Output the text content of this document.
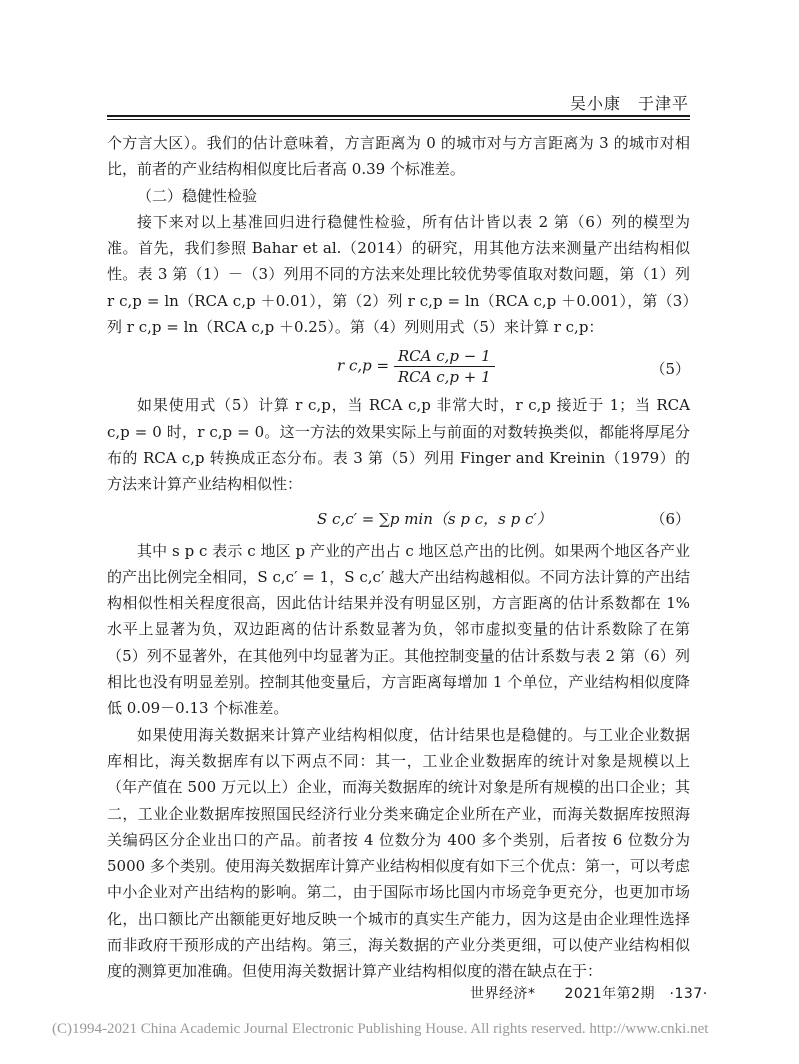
吴小康　于津平

个方言大区）。我们的估计意味着，方言距离为 0 的城市对与方言距离为 3 的城市对相比，前者的产业结构相似度比后者高 0.39 个标准差。

（二）稳健性检验

接下来对以上基准回归进行稳健性检验，所有估计皆以表 2 第（6）列的模型为准。首先，我们参照 Bahar et al.（2014）的研究，用其他方法来测量产出结构相似性。表 3 第（1）－（3）列用不同的方法来处理比较优势零值取对数问题，第（1）列 r c,p = ln（RCA c,p ＋0.01），第（2）列 r c,p = ln（RCA c,p ＋0.001），第（3）列 r c,p = ln（RCA c,p ＋0.25）。第（4）列则用式（5）来计算 r c,p：

r $c,p = \frac{\text{RCA c,p − 1}}{\text{RCA c,p + 1}}$	（5）

如果使用式（5）计算 r c,p，当 RCA c,p 非常大时，r c,p 接近于 1；当 RCA c,p = 0 时，r c,p = 0。这一方法的效果实际上与前面的对数转换类似，都能将厚尾分布的 RCA c,p 转换成正态分布。表 3 第（5）列用 Finger and Kreinin（1979）的方法来计算产业结构相似性：

S c,c′ = ∑p min（s p c，s p c′）	（6）

其中 s p c 表示 c 地区 p 产业的产出占 c 地区总产出的比例。如果两个地区各产业的产出比例完全相同，S c,c′ = 1，S c,c′ 越大产出结构越相似。不同方法计算的产出结构相似性相关程度很高，因此估计结果并没有明显区别，方言距离的估计系数都在 1% 水平上显著为负，双边距离的估计系数显著为负，邻市虚拟变量的估计系数除了在第（5）列不显著外，在其他列中均显著为正。其他控制变量的估计系数与表 2 第（6）列相比也没有明显差别。控制其他变量后，方言距离每增加 1 个单位，产业结构相似度降低 0.09－0.13 个标准差。

如果使用海关数据来计算产业结构相似度，估计结果也是稳健的。与工业企业数据库相比，海关数据库有以下两点不同：其一，工业企业数据库的统计对象是规模以上（年产值在 500 万元以上）企业，而海关数据库的统计对象是所有规模的出口企业；其二，工业企业数据库按照国民经济行业分类来确定企业所在产业，而海关数据库按照海关编码区分企业出口的产品。前者按 4 位数分为 400 多个类别，后者按 6 位数分为 5000 多个类别。使用海关数据库计算产业结构相似度有如下三个优点：第一，可以考虑中小企业对产出结构的影响。第二，由于国际市场比国内市场竞争更充分，也更加市场化，出口额比产出额能更好地反映一个城市的真实生产能力，因为这是由企业理性选择而非政府干预形成的产出结构。第三，海关数据的产业分类更细，可以使产业结构相似度的测算更加准确。但使用海关数据计算产业结构相似度的潜在缺点在于：

世界经济*　　2021年第2期　·137·
(C)1994-2021 China Academic Journal Electronic Publishing House. All rights reserved. http://www.cnki.net
